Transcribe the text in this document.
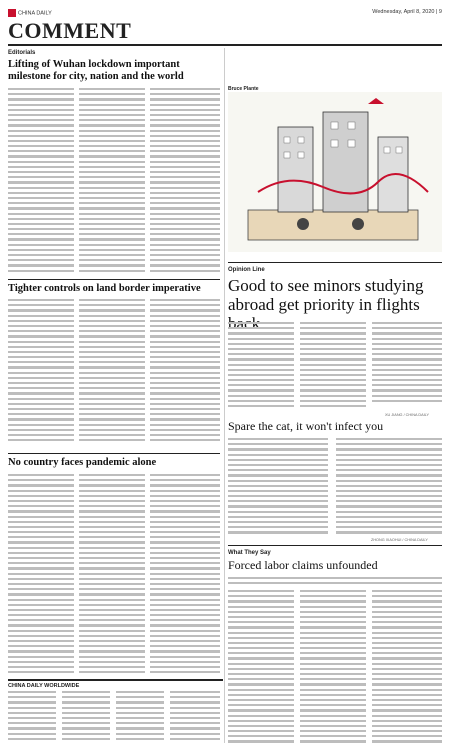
CHINA DAILY	Wednesday, April 8, 2020 | 9
COMMENT
Editorials
Lifting of Wuhan lockdown important milestone for city, nation and the world
Tighter controls on land border imperative
No country faces pandemic alone
CHINA DAILY WORLDWIDE
Bruce Plante
Opinion Line
Good to see minors studying abroad get priority in flights
XU JIANG / CHINA DAILY
Spare the cat, it won't infect you
ZHONG XIAOHUI / CHINA DAILY
What They Say
Forced labor claims unfounded
